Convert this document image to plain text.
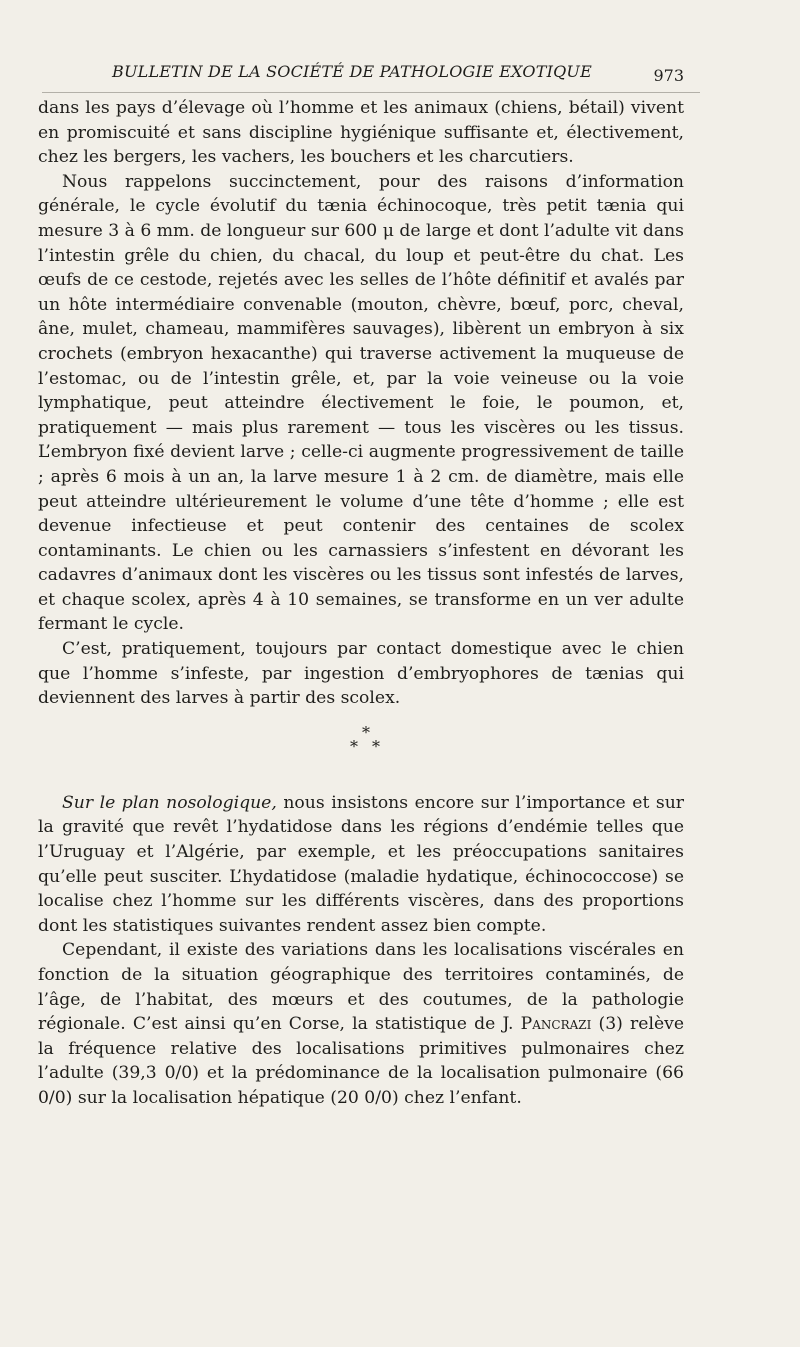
BULLETIN DE LA SOCIÉTÉ DE PATHOLOGIE EXOTIQUE	973

dans les pays d’élevage où l’homme et les animaux (chiens, bétail) vivent en promiscuité et sans discipline hygiénique suffisante et, électivement, chez les bergers, les vachers, les bouchers et les charcutiers.

Nous rappelons succinctement, pour des raisons d’information générale, le cycle évolutif du tænia échinocoque, très petit tænia qui mesure 3 à 6 mm. de longueur sur 600 μ de large et dont l’adulte vit dans l’intestin grêle du chien, du chacal, du loup et peut-être du chat. Les œufs de ce cestode, rejetés avec les selles de l’hôte définitif et avalés par un hôte intermédiaire convenable (mouton, chèvre, bœuf, porc, cheval, âne, mulet, chameau, mammifères sauvages), libèrent un embryon à six crochets (embryon hexacanthe) qui traverse activement la muqueuse de l’estomac, ou de l’intestin grêle, et, par la voie veineuse ou la voie lymphatique, peut atteindre électivement le foie, le poumon, et, pratiquement — mais plus rarement — tous les viscères ou les tissus. L’embryon fixé devient larve ; celle-ci augmente progressivement de taille ; après 6 mois à un an, la larve mesure 1 à 2 cm. de diamètre, mais elle peut atteindre ultérieurement le volume d’une tête d’homme ; elle est devenue infectieuse et peut contenir des centaines de scolex contaminants. Le chien ou les carnassiers s’infestent en dévorant les cadavres d’animaux dont les viscères ou les tissus sont infestés de larves, et chaque scolex, après 4 à 10 semaines, se transforme en un ver adulte fermant le cycle.

C’est, pratiquement, toujours par contact domestique avec le chien que l’homme s’infeste, par ingestion d’embryophores de tænias qui deviennent des larves à partir des scolex.

*
* *

Sur le plan nosologique, nous insistons encore sur l’importance et sur la gravité que revêt l’hydatidose dans les régions d’endémie telles que l’Uruguay et l’Algérie, par exemple, et les préoccupations sanitaires qu’elle peut susciter. L’hydatidose (maladie hydatique, échinococcose) se localise chez l’homme sur les différents viscères, dans des proportions dont les statistiques suivantes rendent assez bien compte.

Cependant, il existe des variations dans les localisations viscérales en fonction de la situation géographique des territoires contaminés, de l’âge, de l’habitat, des mœurs et des coutumes, de la pathologie régionale. C’est ainsi qu’en Corse, la statistique de J. Pancrazi (3) relève la fréquence relative des localisations primitives pulmonaires chez l’adulte (39,3 0/0) et la prédominance de la localisation pulmonaire (66 0/0) sur la localisation hépatique (20 0/0) chez l’enfant.
